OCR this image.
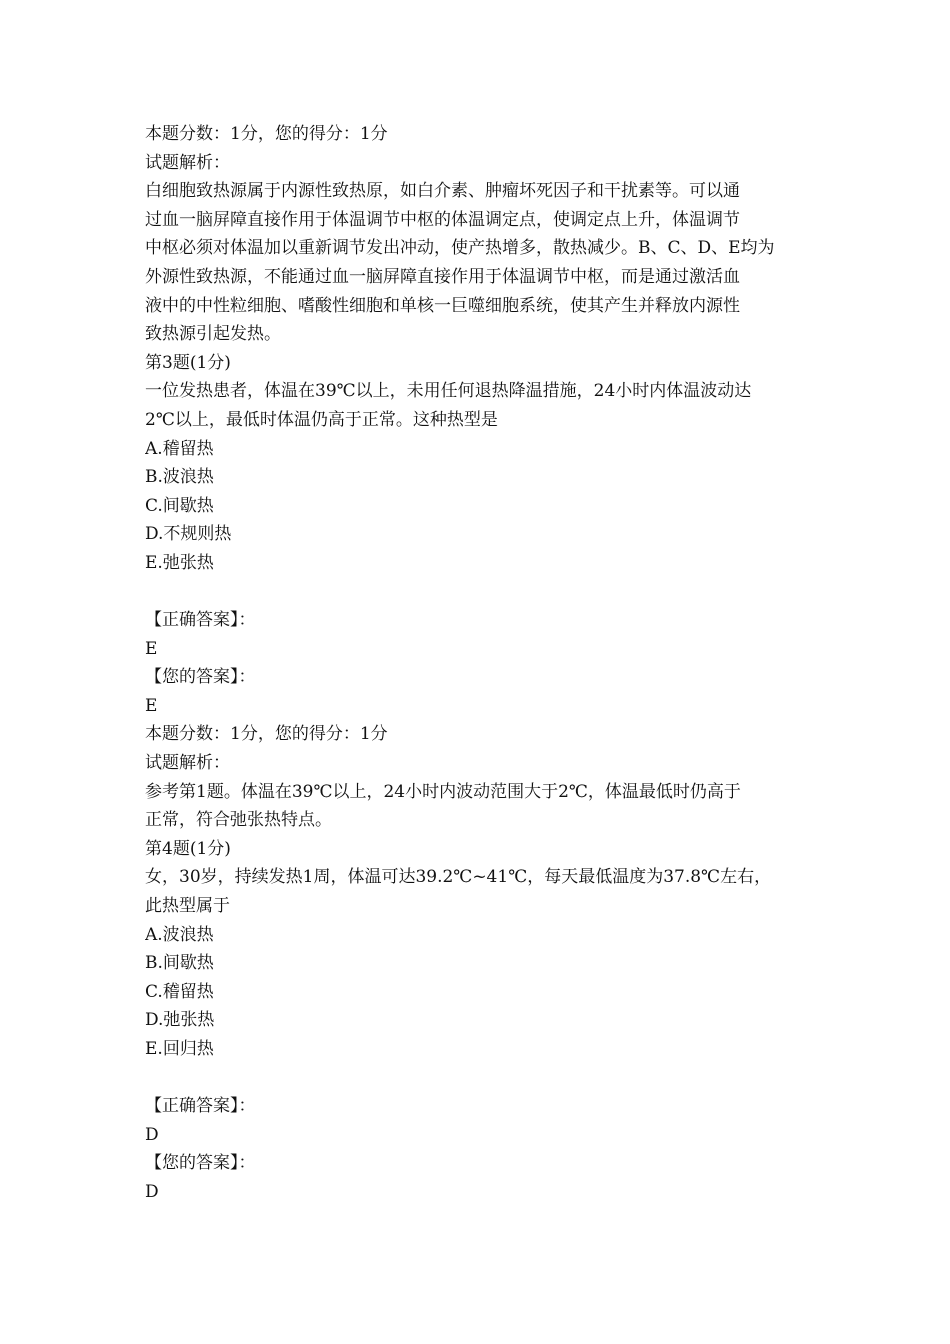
本题分数：1分，您的得分：1分
试题解析：
白细胞致热源属于内源性致热原，如白介素、肿瘤坏死因子和干扰素等。可以通
过血一脑屏障直接作用于体温调节中枢的体温调定点，使调定点上升，体温调节
中枢必须对体温加以重新调节发出冲动，使产热增多，散热减少。B、C、D、E均为
外源性致热源，不能通过血一脑屏障直接作用于体温调节中枢，而是通过激活血
液中的中性粒细胞、嗜酸性细胞和单核一巨噬细胞系统，使其产生并释放内源性
致热源引起发热。
第3题(1分)
一位发热患者，体温在39℃以上，未用任何退热降温措施，24小时内体温波动达
2℃以上，最低时体温仍高于正常。这种热型是
A.稽留热
B.波浪热
C.间歇热
D.不规则热
E.弛张热
【正确答案】：
E
【您的答案】：
E
本题分数：1分，您的得分：1分
试题解析：
参考第1题。体温在39℃以上，24小时内波动范围大于2℃，体温最低时仍高于
正常，符合弛张热特点。
第4题(1分)
女，30岁，持续发热1周，体温可达39.2℃~41℃，每天最低温度为37.8℃左右，
此热型属于
A.波浪热
B.间歇热
C.稽留热
D.弛张热
E.回归热
【正确答案】：
D
【您的答案】：
D
